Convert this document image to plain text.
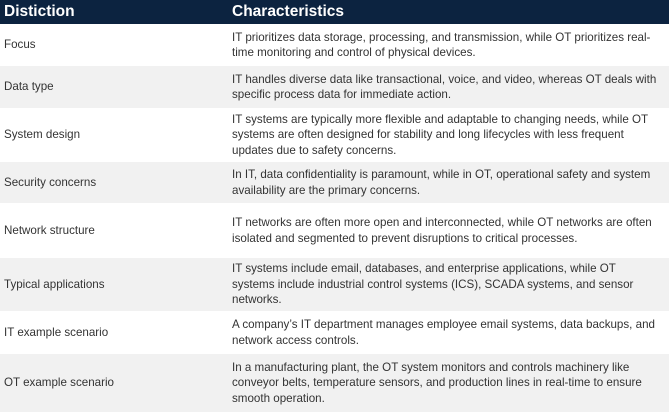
Distiction	Characteristics
Focus	IT prioritizes data storage, processing, and transmission, while OT prioritizes real-time monitoring and control of physical devices.
Data type	IT handles diverse data like transactional, voice, and video, whereas OT deals with specific process data for immediate action.
System design	IT systems are typically more flexible and adaptable to changing needs, while OT systems are often designed for stability and long lifecycles with less frequent updates due to safety concerns.
Security concerns	In IT, data confidentiality is paramount, while in OT, operational safety and system availability are the primary concerns.
Network structure	IT networks are often more open and interconnected, while OT networks are often isolated and segmented to prevent disruptions to critical processes.
Typical applications	IT systems include email, databases, and enterprise applications, while OT systems include industrial control systems (ICS), SCADA systems, and sensor networks.
IT example scenario	A company’s IT department manages employee email systems, data backups, and network access controls.
OT example scenario	In a manufacturing plant, the OT system monitors and controls machinery like conveyor belts, temperature sensors, and production lines in real-time to ensure smooth operation.
